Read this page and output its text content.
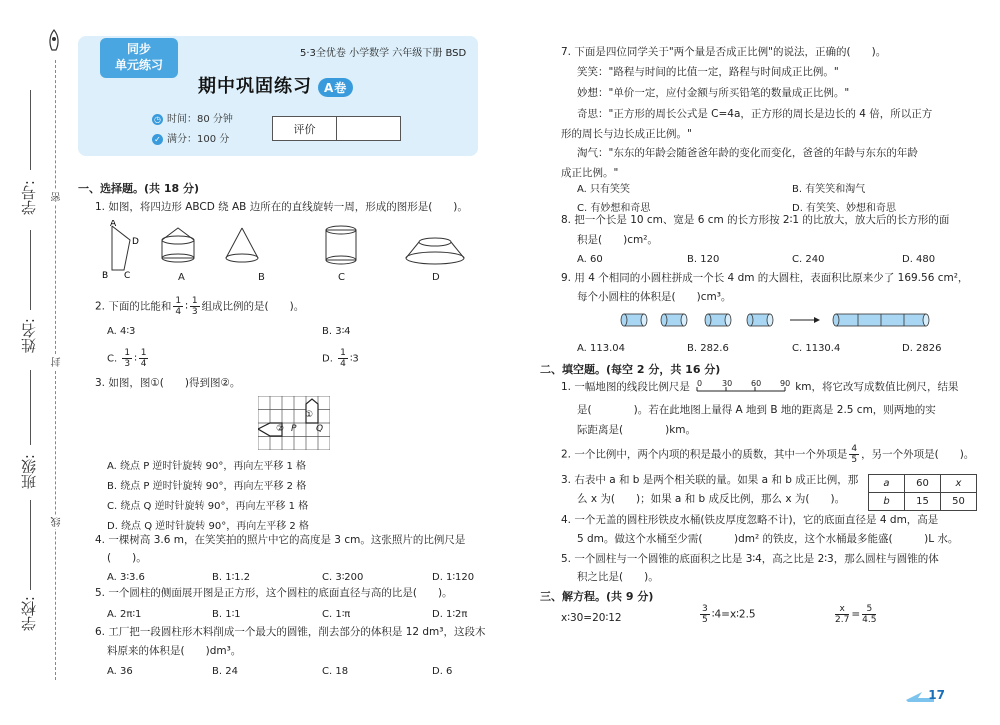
学号:
姓名:
班级:
学校:
密
封
线
同步
单元练习
5·3全优卷 小学数学 六年级下册 BSD
期中巩固练习 A卷
◷ 时间：80 分钟
✓ 满分：100 分
评价	
一、选择题。(共 18 分)
1. 如图，将四边形 ABCD 绕 AB 边所在的直线旋转一周，形成的图形是(　　)。
A
B C
D
A	B	C	D
2. 下面的比能和 $\frac{1}{4}$ ∶ $\frac{1}{3}$ 组成比例的是(　　)。
A. 4∶3	B. 3∶4
C. $\frac{1}{3}$ ∶ $\frac{1}{4}$	D. $\frac{1}{4}$ ∶3
3. 如图，图①(　　)得到图②。
② P Q
①
A. 绕点 P 逆时针旋转 90°，再向左平移 1 格
B. 绕点 P 逆时针旋转 90°，再向左平移 2 格
C. 绕点 Q 逆时针旋转 90°，再向左平移 1 格
D. 绕点 Q 逆时针旋转 90°，再向左平移 2 格
4. 一棵树高 3.6 m，在笑笑拍的照片中它的高度是 3 cm。这张照片的比例尺是
(　　)。
A. 3∶3.6	B. 1∶1.2	C. 3∶200	D. 1∶120
5. 一个圆柱的侧面展开图是正方形，这个圆柱的底面直径与高的比是(　　)。
A. 2π∶1	B. 1∶1	C. 1∶π	D. 1∶2π
6. 工厂把一段圆柱形木料削成一个最大的圆锥，削去部分的体积是 12 dm³，这段木
料原来的体积是(　　)dm³。
A. 36	B. 24	C. 18	D. 6
7. 下面是四位同学关于"两个量是否成正比例"的说法，正确的(　　)。
笑笑："路程与时间的比值一定，路程与时间成正比例。"
妙想："单价一定，应付金额与所买铅笔的数量成正比例。"
奇思："正方形的周长公式是 C=4a，正方形的周长是边长的 4 倍，所以正方
形的周长与边长成正比例。"
淘气："东东的年龄会随爸爸年龄的变化而变化，爸爸的年龄与东东的年龄
成正比例。"
A. 只有笑笑	B. 有笑笑和淘气
C. 有妙想和奇思	D. 有笑笑、妙想和奇思
8. 把一个长是 10 cm、宽是 6 cm 的长方形按 2∶1 的比放大，放大后的长方形的面
积是(　　)cm²。
A. 60	B. 120	C. 240	D. 480
9. 用 4 个相同的小圆柱拼成一个长 4 dm 的大圆柱，表面积比原来少了 169.56 cm²，
每个小圆柱的体积是(　　)cm³。
A. 113.04	B. 282.6	C. 1130.4	D. 2826
二、填空题。(每空 2 分，共 16 分)
1. 一幅地图的线段比例尺是	km，将它改写成数值比例尺，结果
0 30 60 90
是(　　　　)。若在此地图上量得 A 地到 B 地的距离是 2.5 cm，则两地的实
际距离是(　　　　)km。
2. 一个比例中，两个内项的积是最小的质数，其中一个外项是 $\frac{4}{5}$ ，另一个外项是(　　)。
3. 右表中 a 和 b 是两个相关联的量。如果 a 和 b 成正比例，那
么 x 为(　　)；如果 a 和 b 成反比例，那么 x 为(　　)。
a	60	x
b	15	50
4. 一个无盖的圆柱形铁皮水桶(铁皮厚度忽略不计)，它的底面直径是 4 dm，高是
5 dm。做这个水桶至少需(　　　)dm² 的铁皮，这个水桶最多能盛(　　　)L 水。
5. 一个圆柱与一个圆锥的底面积之比是 3∶4，高之比是 2∶3，那么圆柱与圆锥的体
积之比是(　　)。
三、解方程。(共 9 分)
x∶30=20∶12	$\frac{3}{5}$ ∶4=x∶2.5	$\frac{x}{2.7} = \frac{5}{4.5}$
17
